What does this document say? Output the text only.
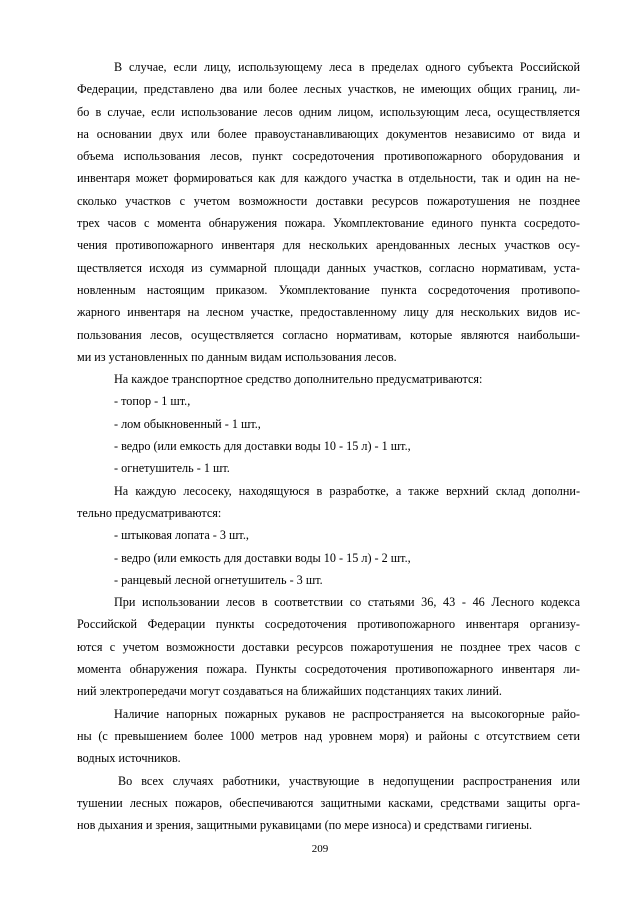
В случае, если лицу, использующему леса в пределах одного субъекта Российской
Федерации, представлено два или более лесных участков, не имеющих общих границ, ли-
бо в случае, если использование лесов одним лицом, использующим леса, осуществляется
на основании двух или более правоустанавливающих документов независимо от вида и
объема использования лесов, пункт сосредоточения противопожарного оборудования и
инвентаря может формироваться как для каждого участка в отдельности, так и один на не-
сколько участков с учетом возможности доставки ресурсов пожаротушения не позднее
трех часов с момента обнаружения пожара. Укомплектование единого пункта сосредото-
чения противопожарного инвентаря для нескольких арендованных лесных участков осу-
ществляется исходя из суммарной площади данных участков, согласно нормативам, уста-
новленным настоящим приказом. Укомплектование пункта сосредоточения противопо-
жарного инвентаря на лесном участке, предоставленному лицу для нескольких видов ис-
пользования лесов, осуществляется согласно нормативам, которые являются наибольши-
ми из установленных по данным видам использования лесов.
На каждое транспортное средство дополнительно предусматриваются:
- топор - 1 шт.,
- лом обыкновенный - 1 шт.,
- ведро (или емкость для доставки воды 10 - 15 л) - 1 шт.,
- огнетушитель - 1 шт.
На каждую лесосеку, находящуюся в разработке, а также верхний склад дополни-
тельно предусматриваются:
- штыковая лопата - 3 шт.,
- ведро (или емкость для доставки воды 10 - 15 л) - 2 шт.,
- ранцевый лесной огнетушитель - 3 шт.
При использовании лесов в соответствии со статьями 36, 43 - 46 Лесного кодекса
Российской Федерации пункты сосредоточения противопожарного инвентаря организу-
ются с учетом возможности доставки ресурсов пожаротушения не позднее трех часов с
момента обнаружения пожара. Пункты сосредоточения противопожарного инвентаря ли-
ний электропередачи могут создаваться на ближайших подстанциях таких линий.
Наличие напорных пожарных рукавов не распространяется на высокогорные райо-
ны (с превышением более 1000 метров над уровнем моря) и районы с отсутствием сети
водных источников.
Во всех случаях работники, участвующие в недопущении распространения или
тушении лесных пожаров, обеспечиваются защитными касками, средствами защиты орга-
нов дыхания и зрения, защитными рукавицами (по мере износа) и средствами гигиены.
209
